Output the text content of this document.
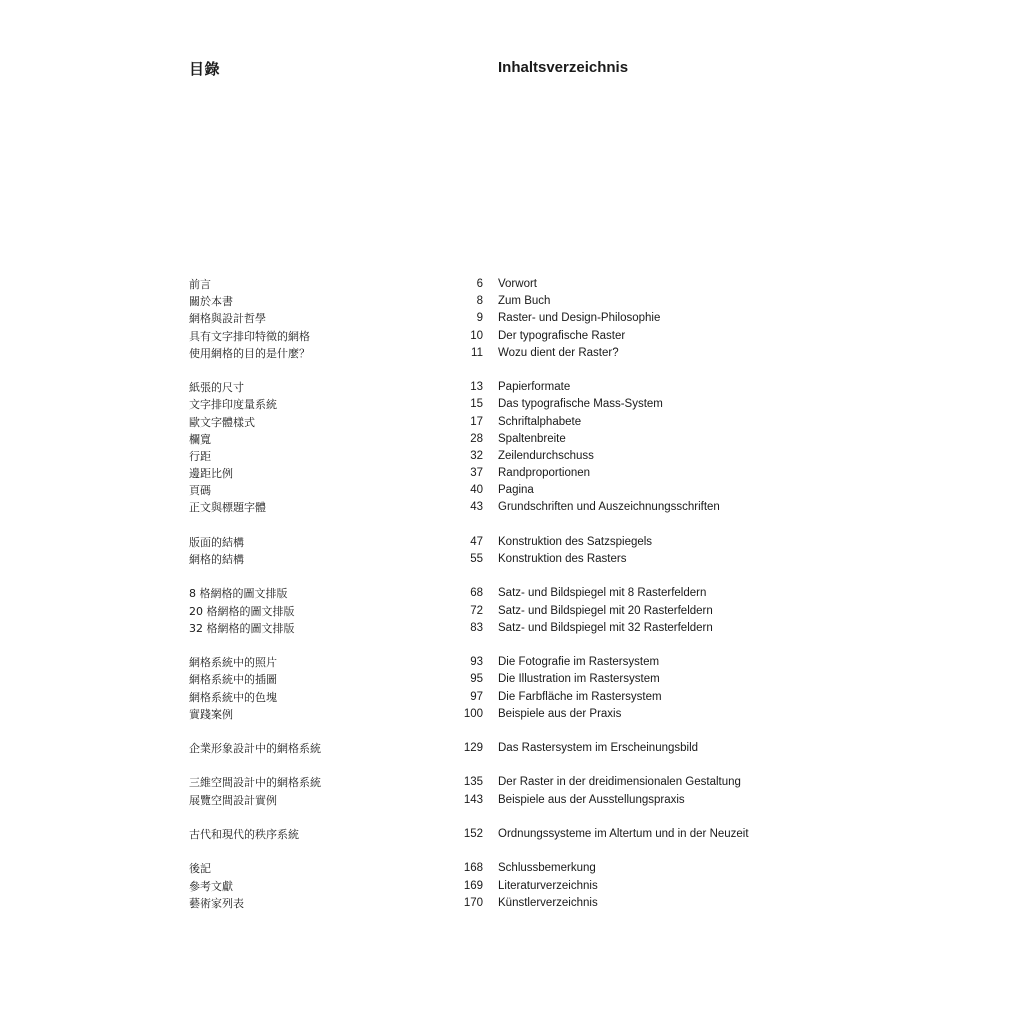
目錄	Inhaltsverzeichnis
前言	6 Vorwort
關於本書	8 Zum Buch
網格與設計哲學	9 Raster- und Design-Philosophie
具有文字排印特徵的網格	10 Der typografische Raster
使用網格的目的是什麼？	11 Wozu dient der Raster?
紙張的尺寸	13 Papierformate
文字排印度量系統	15 Das typografische Mass-System
歐文字體樣式	17 Schriftalphabete
欄寬	28 Spaltenbreite
行距	32 Zeilendurchschuss
邊距比例	37 Randproportionen
頁碼	40 Pagina
正文與標題字體	43 Grundschriften und Auszeichnungsschriften
版面的結構	47 Konstruktion des Satzspiegels
網格的結構	55 Konstruktion des Rasters
8 格網格的圖文排版	68 Satz- und Bildspiegel mit 8 Rasterfeldern
20 格網格的圖文排版	72 Satz- und Bildspiegel mit 20 Rasterfeldern
32 格網格的圖文排版	83 Satz- und Bildspiegel mit 32 Rasterfeldern
網格系統中的照片	93 Die Fotografie im Rastersystem
網格系統中的插圖	95 Die Illustration im Rastersystem
網格系統中的色塊	97 Die Farbfläche im Rastersystem
實踐案例	100 Beispiele aus der Praxis
企業形象設計中的網格系統	129 Das Rastersystem im Erscheinungsbild
三維空間設計中的網格系統	135 Der Raster in der dreidimensionalen Gestaltung
展覽空間設計實例	143 Beispiele aus der Ausstellungspraxis
古代和現代的秩序系統	152 Ordnungssysteme im Altertum und in der Neuzeit
後記	168 Schlussbemerkung
參考文獻	169 Literaturverzeichnis
藝術家列表	170 Künstlerverzeichnis
